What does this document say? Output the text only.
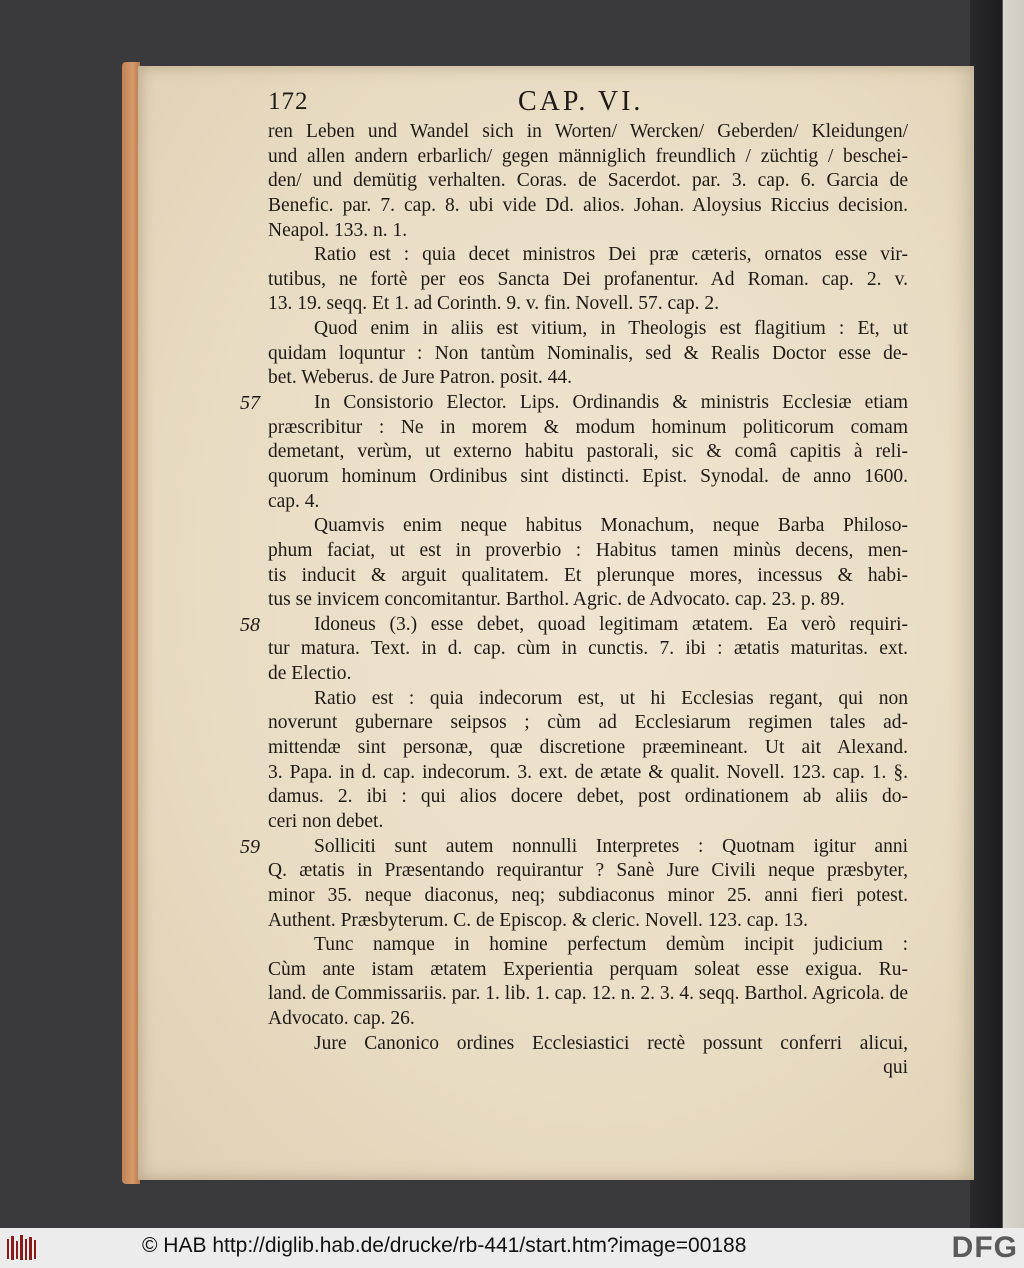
172	CAP. VI.
ren Leben und Wandel sich in Worten/ Wercken/ Geberden/ Kleidungen/
und allen andern erbarlich/ gegen männiglich freundlich / züchtig / beschei-
den/ und demütig verhalten. Coras. de Sacerdot. par. 3. cap. 6. Garcia de
Benefic. par. 7. cap. 8. ubi vide Dd. alios. Johan. Aloysius Riccius decision.
Neapol. 133. n. 1.
Ratio est : quia decet ministros Dei præ cæteris, ornatos esse vir-
tutibus, ne fortè per eos Sancta Dei profanentur. Ad Roman. cap. 2. v.
13. 19. seqq. Et 1. ad Corinth. 9. v. fin. Novell. 57. cap. 2.
Quod enim in aliis est vitium, in Theologis est flagitium : Et, ut
quidam loquntur : Non tantùm Nominalis, sed & Realis Doctor esse de-
bet. Weberus. de Jure Patron. posit. 44.
57	In Consistorio Elector. Lips. Ordinandis & ministris Ecclesiæ etiam
præscribitur : Ne in morem & modum hominum politicorum comam
demetant, verùm, ut externo habitu pastorali, sic & comâ capitis à reli-
quorum hominum Ordinibus sint distincti. Epist. Synodal. de anno 1600.
cap. 4.
Quamvis enim neque habitus Monachum, neque Barba Philoso-
phum faciat, ut est in proverbio : Habitus tamen minùs decens, men-
tis inducit & arguit qualitatem. Et plerunque mores, incessus & habi-
tus se invicem concomitantur. Barthol. Agric. de Advocato. cap. 23. p. 89.
58	Idoneus (3.) esse debet, quoad legitimam ætatem. Ea verò requiri-
tur matura. Text. in d. cap. cùm in cunctis. 7. ibi : ætatis maturitas. ext.
de Electio.
Ratio est : quia indecorum est, ut hi Ecclesias regant, qui non
noverunt gubernare seipsos ; cùm ad Ecclesiarum regimen tales ad-
mittendæ sint personæ, quæ discretione præemineant. Ut ait Alexand.
3. Papa. in d. cap. indecorum. 3. ext. de ætate & qualit. Novell. 123. cap. 1. §.
damus. 2. ibi : qui alios docere debet, post ordinationem ab aliis do-
ceri non debet.
59	Solliciti sunt autem nonnulli Interpretes : Quotnam igitur anni
Q. ætatis in Præsentando requirantur ? Sanè Jure Civili neque præsbyter,
minor 35. neque diaconus, neq; subdiaconus minor 25. anni fieri potest.
Authent. Præsbyterum. C. de Episcop. & cleric. Novell. 123. cap. 13.
Tunc namque in homine perfectum demùm incipit judicium :
Cùm ante istam ætatem Experientia perquam soleat esse exigua. Ru-
land. de Commissariis. par. 1. lib. 1. cap. 12. n. 2. 3. 4. seqq. Barthol. Agricola. de
Advocato. cap. 26.
Jure Canonico ordines Ecclesiastici rectè possunt conferri alicui,
qui
© HAB http://diglib.hab.de/drucke/rb-441/start.htm?image=00188	DFG
